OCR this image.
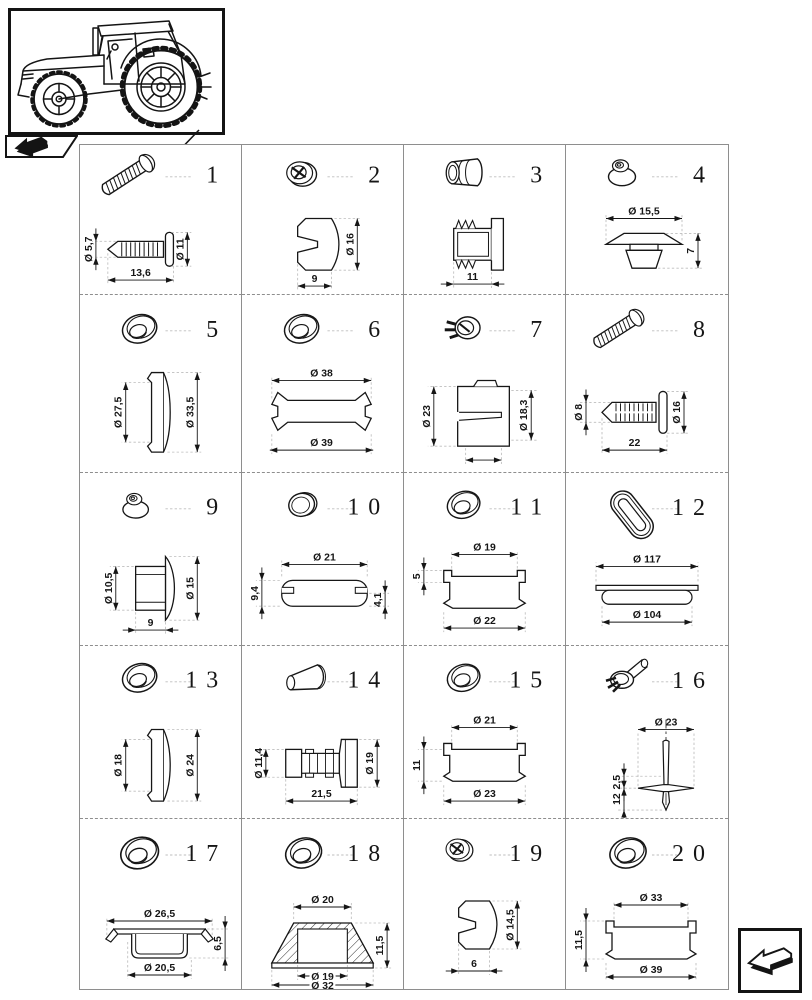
1
Ø 5,7	Ø 11
13,6
2
Ø 16
9
3
11
4
Ø 15,5
7
5
Ø 27,5	Ø 33,5
6
Ø 38
Ø 39
7
Ø 23	Ø 18,3
8
Ø 8	Ø 16
22
9
Ø 10,5	Ø 15
9
10
Ø 21
9,4	4,1
11
Ø 19
5
Ø 22
12
Ø 117
Ø 104
13
Ø 18	Ø 24
14
Ø 11,4	Ø 19
21,5
15
Ø 21
11
Ø 23
16
Ø 23
2,5
12
17
Ø 26,5
6,5
Ø 20,5
18
Ø 20
11,5
Ø 19
Ø 32
19
Ø 14,5
6
20
Ø 33
11,5
Ø 39
